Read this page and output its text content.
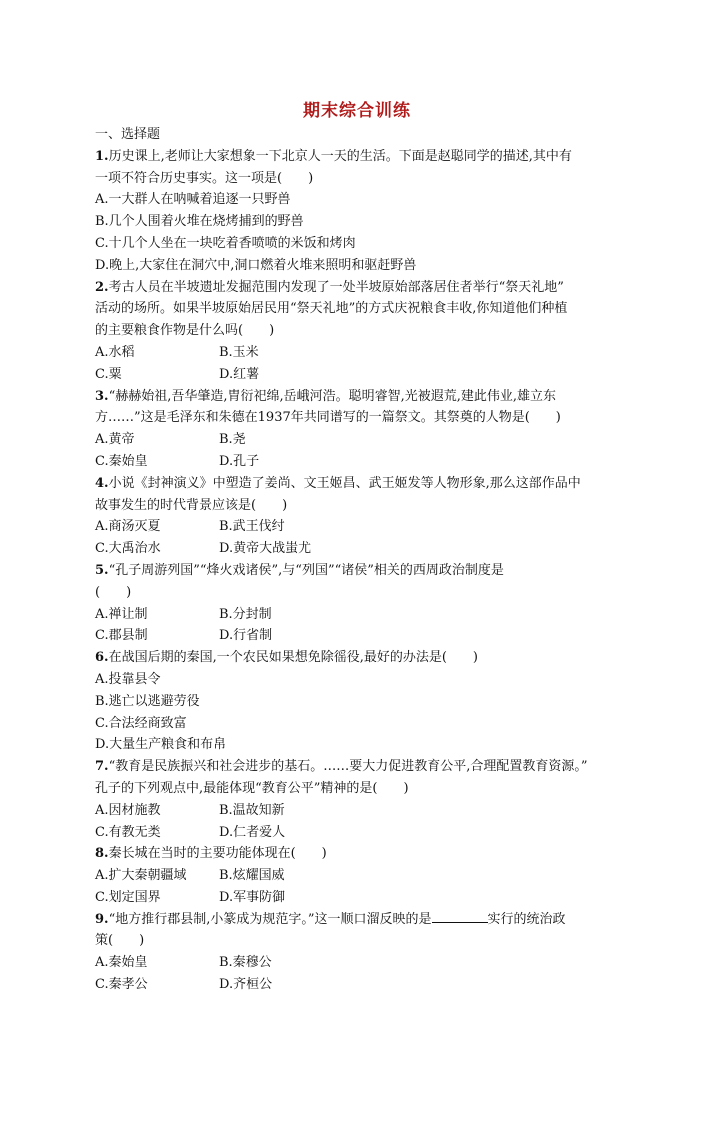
期末综合训练
一、选择题
1.历史课上,老师让大家想象一下北京人一天的生活。下面是赵聪同学的描述,其中有
一项不符合历史事实。这一项是(　　)
A.一大群人在呐喊着追逐一只野兽
B.几个人围着火堆在烧烤捕到的野兽
C.十几个人坐在一块吃着香喷喷的米饭和烤肉
D.晚上,大家住在洞穴中,洞口燃着火堆来照明和驱赶野兽
2.考古人员在半坡遗址发掘范围内发现了一处半坡原始部落居住者举行“祭天礼地”
活动的场所。如果半坡原始居民用“祭天礼地”的方式庆祝粮食丰收,你知道他们种植
的主要粮食作物是什么吗(　　)
A.水稻	B.玉米
C.粟	D.红薯
3.“赫赫始祖,吾华肇造,胄衍祀绵,岳峨河浩。聪明睿智,光被遐荒,建此伟业,雄立东
方……”这是毛泽东和朱德在1937年共同谱写的一篇祭文。其祭奠的人物是(　　)
A.黄帝	B.尧
C.秦始皇	D.孔子
4.小说《封神演义》中塑造了姜尚、文王姬昌、武王姬发等人物形象,那么这部作品中
故事发生的时代背景应该是(　　)
A.商汤灭夏	B.武王伐纣
C.大禹治水	D.黄帝大战蚩尤
5.“孔子周游列国”“烽火戏诸侯”,与“列国”“诸侯”相关的西周政治制度是
(　　)
A.禅让制	B.分封制
C.郡县制	D.行省制
6.在战国后期的秦国,一个农民如果想免除徭役,最好的办法是(　　)
A.投靠县令
B.逃亡以逃避劳役
C.合法经商致富
D.大量生产粮食和布帛
7.“教育是民族振兴和社会进步的基石。……要大力促进教育公平,合理配置教育资源。”
孔子的下列观点中,最能体现“教育公平”精神的是(　　)
A.因材施教	B.温故知新
C.有教无类	D.仁者爱人
8.秦长城在当时的主要功能体现在(　　)
A.扩大秦朝疆域	B.炫耀国威
C.划定国界	D.军事防御
9.“地方推行郡县制,小篆成为规范字。”这一顺口溜反映的是	实行的统治政
策(　　)
A.秦始皇	B.秦穆公
C.秦孝公	D.齐桓公
